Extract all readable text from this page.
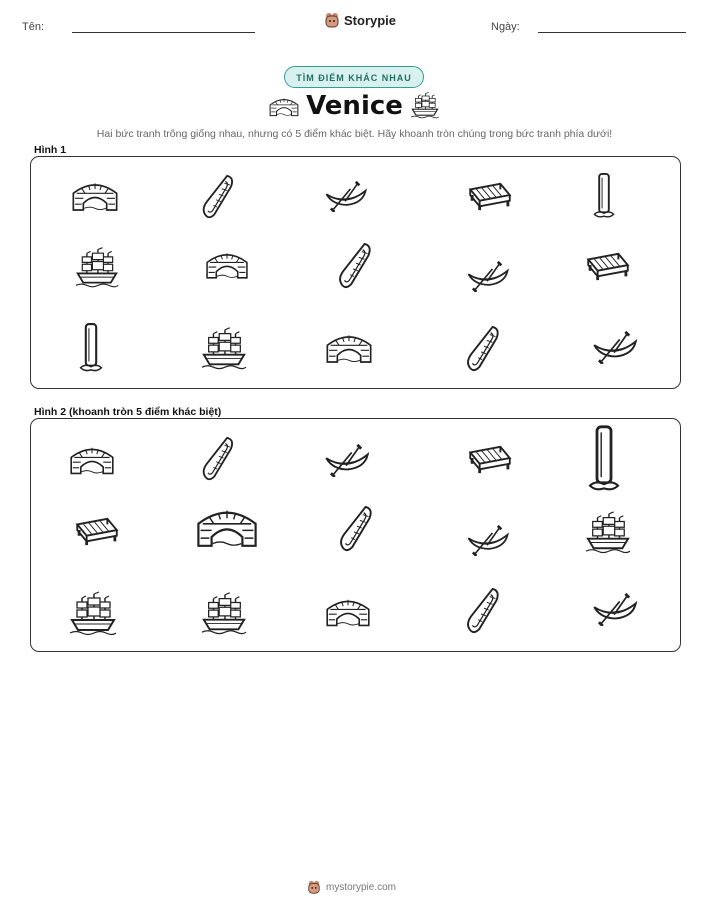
Tên:	Storypie	Ngày:
TÌM ĐIỂM KHÁC NHAU
Venice
Hai bức tranh trông giống nhau, nhưng có 5 điểm khác biệt. Hãy khoanh tròn chúng trong bức tranh phía dưới!
Hình 1
Hình 2 (khoanh tròn 5 điểm khác biệt)
mystorypie.com
